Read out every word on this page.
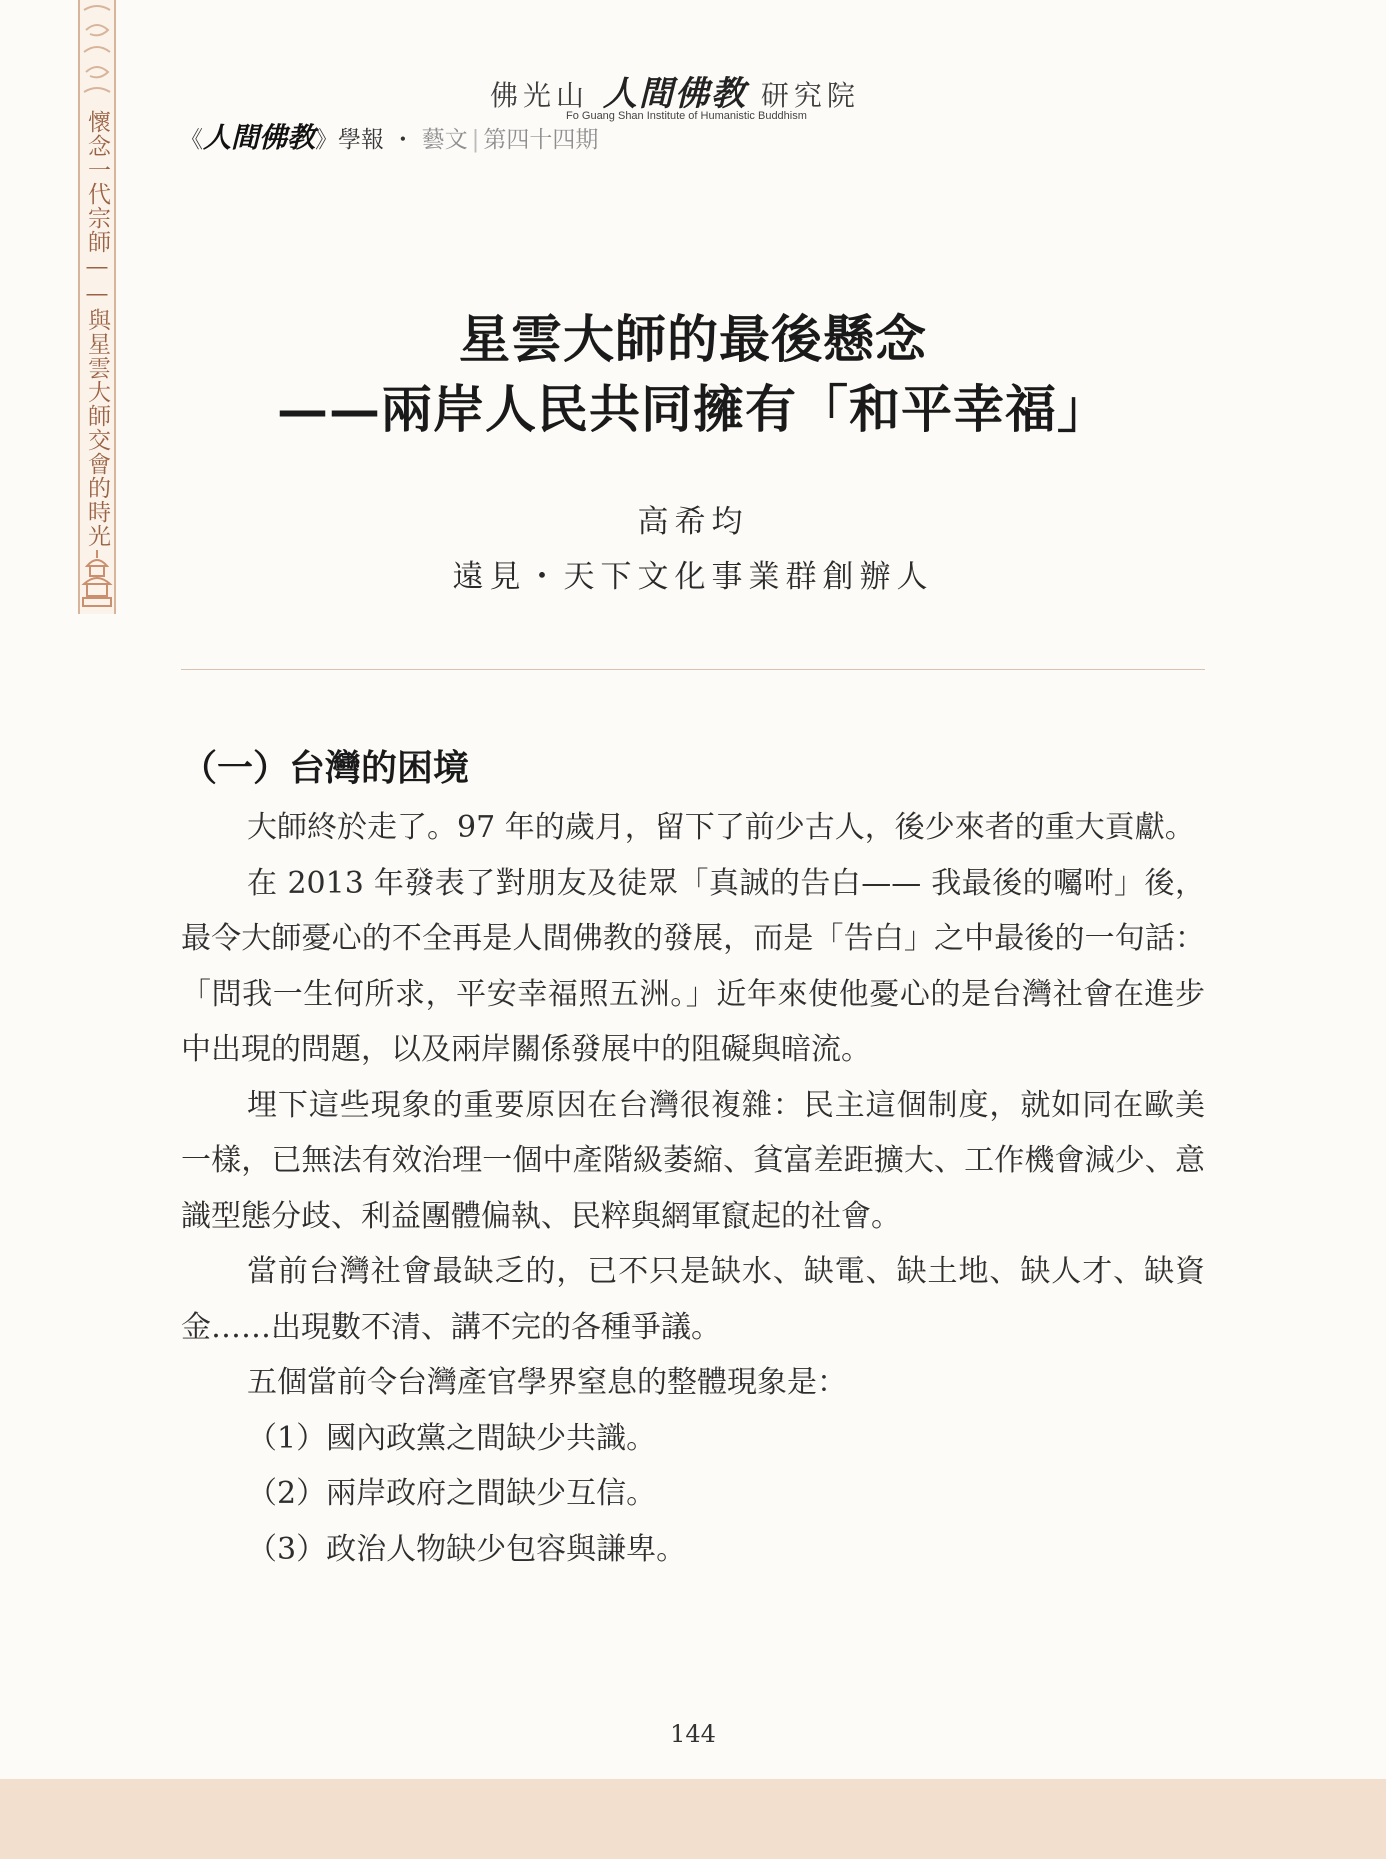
懷念一代宗師——與星雲大師交會的時光
佛光山 人間佛教 研究院
Fo Guang Shan Institute of Humanistic Buddhism
《人間佛教》學報 ・ 藝文 | 第四十四期
星雲大師的最後懸念
——兩岸人民共同擁有「和平幸福」
高希均
遠見・天下文化事業群創辦人
（一）台灣的困境

大師終於走了。97 年的歲月，留下了前少古人，後少來者的重大貢獻。

在 2013 年發表了對朋友及徒眾「真誠的告白—— 我最後的囑咐」後，最令大師憂心的不全再是人間佛教的發展，而是「告白」之中最後的一句話：「問我一生何所求，平安幸福照五洲。」近年來使他憂心的是台灣社會在進步中出現的問題，以及兩岸關係發展中的阻礙與暗流。

埋下這些現象的重要原因在台灣很複雜：民主這個制度，就如同在歐美一樣，已無法有效治理一個中產階級萎縮、貧富差距擴大、工作機會減少、意識型態分歧、利益團體偏執、民粹與網軍竄起的社會。

當前台灣社會最缺乏的，已不只是缺水、缺電、缺土地、缺人才、缺資金……出現數不清、講不完的各種爭議。

五個當前令台灣產官學界窒息的整體現象是：

（1）國內政黨之間缺少共識。

（2）兩岸政府之間缺少互信。

（3）政治人物缺少包容與謙卑。

144
